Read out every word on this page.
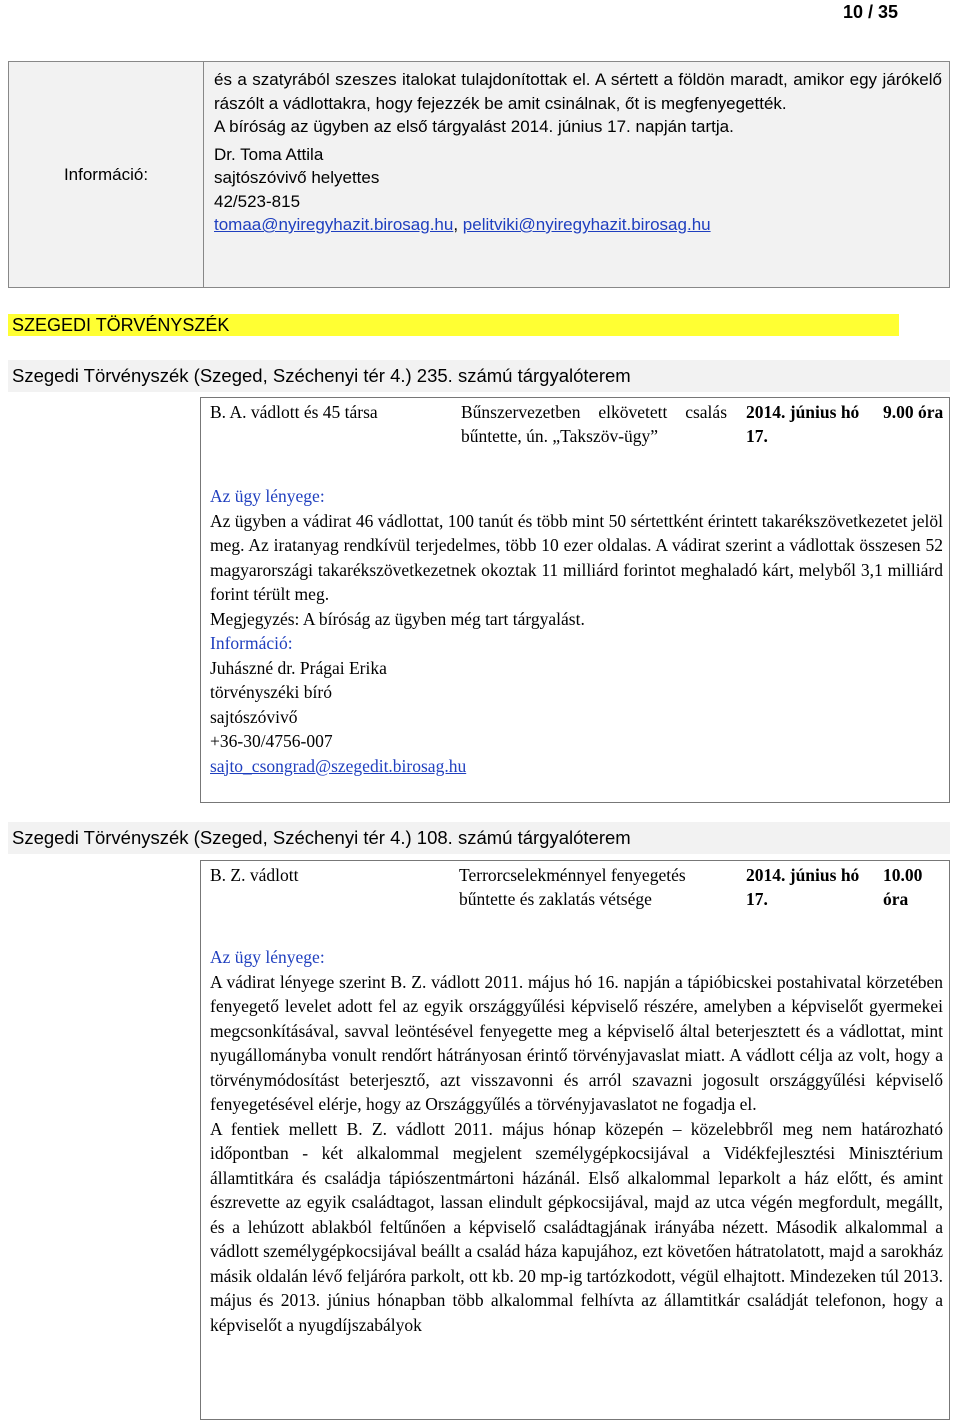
10 / 35
Információ:
és a szatyrából szeszes italokat tulajdonítottak el. A sértett a földön maradt, amikor egy járókelő rászólt a vádlottakra, hogy fejezzék be amit csinálnak, őt is megfenyegették.
A bíróság az ügyben az első tárgyalást 2014. június 17. napján tartja.
Dr. Toma Attila
sajtószóvivő helyettes
42/523-815
tomaa@nyiregyhazit.birosag.hu, pelitviki@nyiregyhazit.birosag.hu
SZEGEDI TÖRVÉNYSZÉK
Szegedi Törvényszék (Szeged, Széchenyi tér 4.) 235. számú tárgyalóterem
B. A. vádlott és 45 társa	Bűnszervezetben elkövetett csalás bűntette, ún. „Takszöv-ügy”
2014. június hó 17.
9.00 óra

Az ügy lényege:

Az ügyben a vádirat 46 vádlottat, 100 tanút és több mint 50 sértettként érintett takarékszövetkezetet jelöl meg. Az iratanyag rendkívül terjedelmes, több 10 ezer oldalas. A vádirat szerint a vádlottak összesen 52 magyarországi takarékszövetkezetnek okoztak 11 milliárd forintot meghaladó kárt, melyből 3,1 milliárd forint térült meg.

Megjegyzés: A bíróság az ügyben még tart tárgyalást.

Információ:

Juhászné dr. Prágai Erika

törvényszéki bíró

sajtószóvivő

+36-30/4756-007

sajto_csongrad@szegedit.birosag.hu

Szegedi Törvényszék (Szeged, Széchenyi tér 4.) 108. számú tárgyalóterem
B. Z. vádlott	Terrorcselekménnyel fenyegetés bűntette és zaklatás vétsége
2014. június hó 17.
10.00 óra

Az ügy lényege:

A vádirat lényege szerint B. Z. vádlott 2011. május hó 16. napján a tápióbicskei postahivatal körzetében fenyegető levelet adott fel az egyik országgyűlési képviselő részére, amelyben a képviselőt gyermekei megcsonkításával, savval leöntésével fenyegette meg a képviselő által beterjesztett és a vádlottat, mint nyugállományba vonult rendőrt hátrányosan érintő törvényjavaslat miatt. A vádlott célja az volt, hogy a törvénymódosítást beterjesztő, azt visszavonni és arról szavazni jogosult országgyűlési képviselő fenyegetésével elérje, hogy az Országgyűlés a törvényjavaslatot ne fogadja el.

A fentiek mellett B. Z. vádlott 2011. május hónap közepén – közelebbről meg nem határozható időpontban - két alkalommal megjelent személygépkocsijával a Vidékfejlesztési Minisztérium államtitkára és családja tápiószentmártoni házánál. Első alkalommal leparkolt a ház előtt, és amint észrevette az egyik családtagot, lassan elindult gépkocsijával, majd az utca végén megfordult, megállt, és a lehúzott ablakból feltűnően a képviselő családtagjának irányába nézett. Második alkalommal a vádlott személygépkocsijával beállt a család háza kapujához, ezt követően hátratolatott, majd a sarokház másik oldalán lévő feljáróra parkolt, ott kb. 20 mp-ig tartózkodott, végül elhajtott. Mindezeken túl 2013. május és 2013. június hónapban több alkalommal felhívta az államtitkár családját telefonon, hogy a képviselőt a nyugdíjszabályok
